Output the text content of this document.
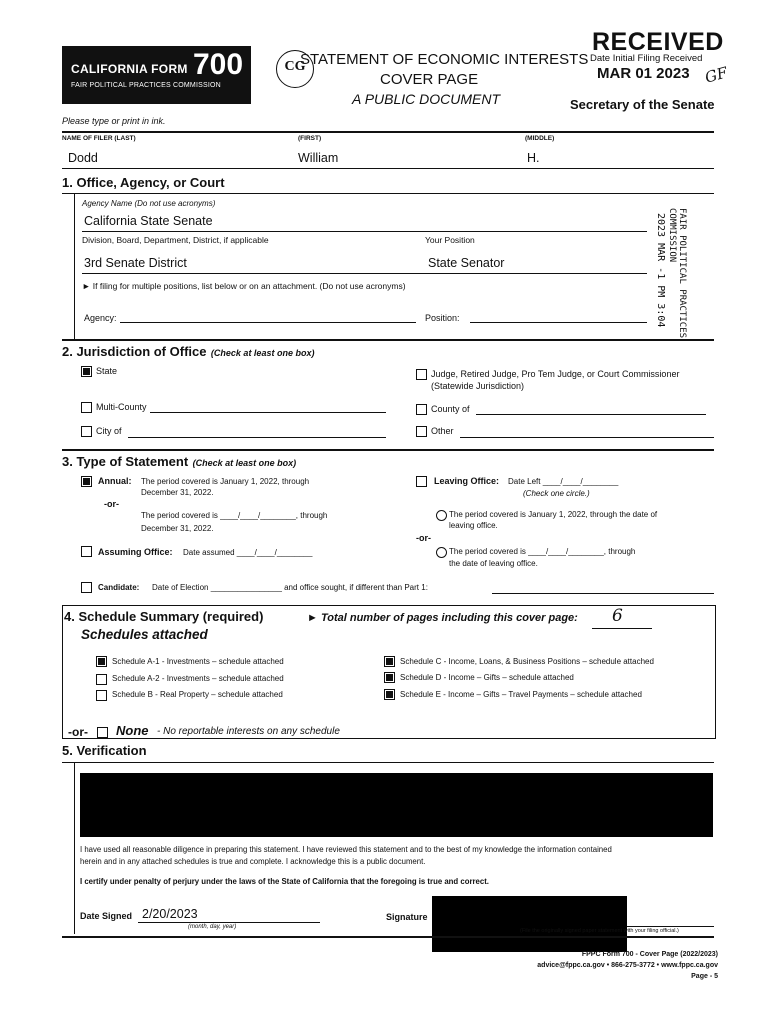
CALIFORNIA FORM 700
FAIR POLITICAL PRACTICES COMMISSION
CG
STATEMENT OF ECONOMIC INTERESTS
COVER PAGE
A PUBLIC DOCUMENT
RECEIVED
Date Initial Filing Received
MAR 01 2023 GF
Secretary of the Senate
Please type or print in ink.
NAME OF FILER (LAST)	(FIRST)	(MIDDLE)
Dodd	William	H.
1. Office, Agency, or Court
Agency Name (Do not use acronyms)
California State Senate
Division, Board, Department, District, if applicable	Your Position
3rd Senate District	State Senator
► If filing for multiple positions, list below or on an attachment. (Do not use acronyms)
Agency:	Position:	2023 MAR -1 PM 3:04	FAIR POLITICAL PRACTICES COMMISSION
2. Jurisdiction of Office (Check at least one box)
State
Multi-County
City of
Judge, Retired Judge, Pro Tem Judge, or Court Commissioner
(Statewide Jurisdiction)
County of
Other
3. Type of Statement (Check at least one box)
Annual: The period covered is January 1, 2022, through
December 31, 2022.
-or-
The period covered is ____/____/________, through
December 31, 2022.
Leaving Office: Date Left ____/____/________
(Check one circle.)
The period covered is January 1, 2022, through the date of
leaving office.
-or-
The period covered is ____/____/________, through
the date of leaving office.
Assuming Office: Date assumed ____/____/________
Candidate: Date of Election ________________ and office sought, if different than Part 1:
4. Schedule Summary (required)	► Total number of pages including this cover page: 6
Schedules attached
Schedule A-1 - Investments – schedule attached
Schedule A-2 - Investments – schedule attached
Schedule B - Real Property – schedule attached
Schedule C - Income, Loans, & Business Positions – schedule attached
Schedule D - Income – Gifts – schedule attached
Schedule E - Income – Gifts – Travel Payments – schedule attached
-or- None - No reportable interests on any schedule
5. Verification
I have used all reasonable diligence in preparing this statement. I have reviewed this statement and to the best of my knowledge the information contained
herein and in any attached schedules is true and complete. I acknowledge this is a public document.
I certify under penalty of perjury under the laws of the State of California that the foregoing is true and correct.
Date Signed 2/20/2023
(month, day, year)
Signature
(File the originally signed paper statement with your filing official.)
FPPC Form 700 - Cover Page (2022/2023)
advice@fppc.ca.gov • 866-275-3772 • www.fppc.ca.gov
Page - 5
